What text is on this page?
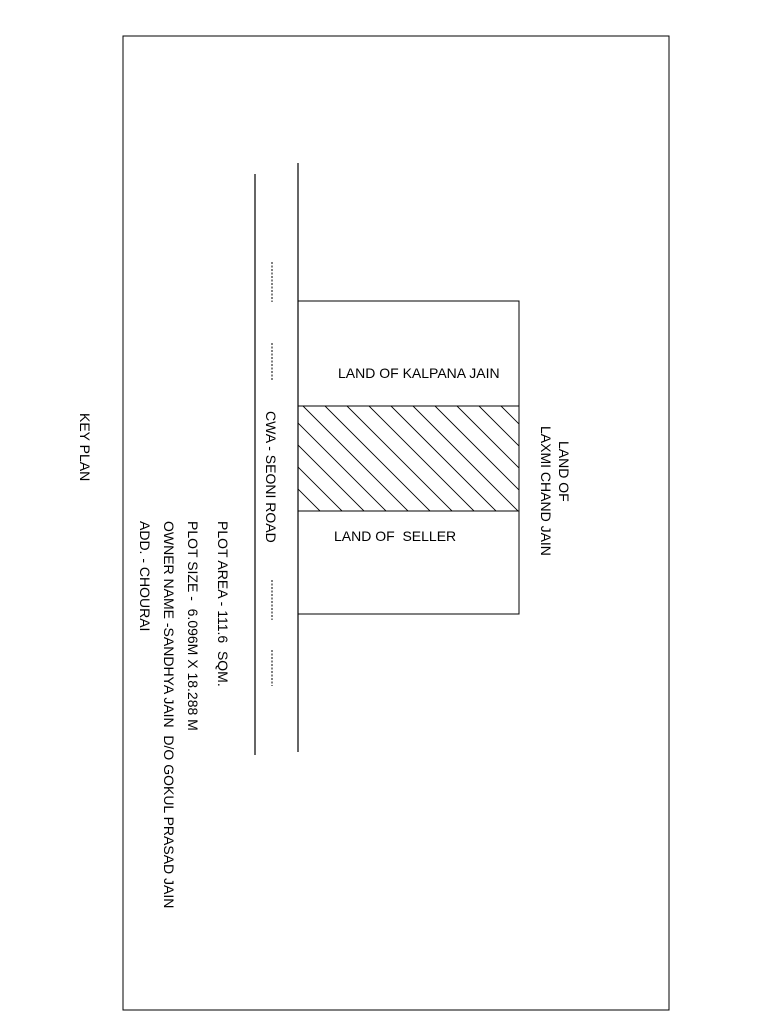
LAND OF KALPANA JAIN
LAND OF  SELLER
LAND OF
LAXMI CHAND JAIN
CWA - SEONI ROAD
KEY PLAN
PLOT AREA - 111.6  SQM.
PLOT SIZE -  6.096M X 18.288 M
OWNER NAME -SANDHYA JAIN  D/O GOKUL PRASAD JAIN
ADD. - CHOURAI
